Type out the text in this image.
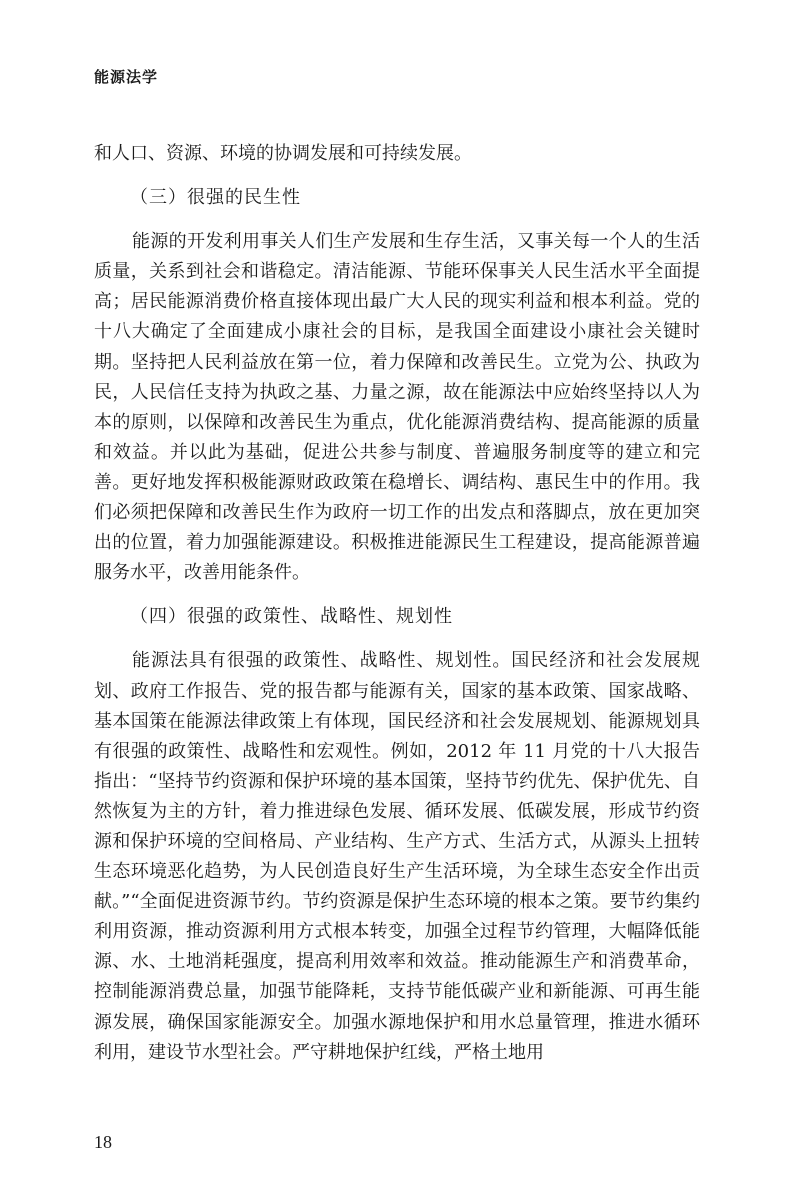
能源法学

和人口、资源、环境的协调发展和可持续发展。

（三）很强的民生性

能源的开发利用事关人们生产发展和生存生活，又事关每一个人的生活质量，关系到社会和谐稳定。清洁能源、节能环保事关人民生活水平全面提高；居民能源消费价格直接体现出最广大人民的现实利益和根本利益。党的十八大确定了全面建成小康社会的目标，是我国全面建设小康社会关键时期。坚持把人民利益放在第一位，着力保障和改善民生。立党为公、执政为民，人民信任支持为执政之基、力量之源，故在能源法中应始终坚持以人为本的原则，以保障和改善民生为重点，优化能源消费结构、提高能源的质量和效益。并以此为基础，促进公共参与制度、普遍服务制度等的建立和完善。更好地发挥积极能源财政政策在稳增长、调结构、惠民生中的作用。我们必须把保障和改善民生作为政府一切工作的出发点和落脚点，放在更加突出的位置，着力加强能源建设。积极推进能源民生工程建设，提高能源普遍服务水平，改善用能条件。

（四）很强的政策性、战略性、规划性

能源法具有很强的政策性、战略性、规划性。国民经济和社会发展规划、政府工作报告、党的报告都与能源有关，国家的基本政策、国家战略、基本国策在能源法律政策上有体现，国民经济和社会发展规划、能源规划具有很强的政策性、战略性和宏观性。例如，2012 年 11 月党的十八大报告指出：“坚持节约资源和保护环境的基本国策，坚持节约优先、保护优先、自然恢复为主的方针，着力推进绿色发展、循环发展、低碳发展，形成节约资源和保护环境的空间格局、产业结构、生产方式、生活方式，从源头上扭转生态环境恶化趋势，为人民创造良好生产生活环境，为全球生态安全作出贡献。”“全面促进资源节约。节约资源是保护生态环境的根本之策。要节约集约利用资源，推动资源利用方式根本转变，加强全过程节约管理，大幅降低能源、水、土地消耗强度，提高利用效率和效益。推动能源生产和消费革命，控制能源消费总量，加强节能降耗，支持节能低碳产业和新能源、可再生能源发展，确保国家能源安全。加强水源地保护和用水总量管理，推进水循环利用，建设节水型社会。严守耕地保护红线，严格土地用

18
